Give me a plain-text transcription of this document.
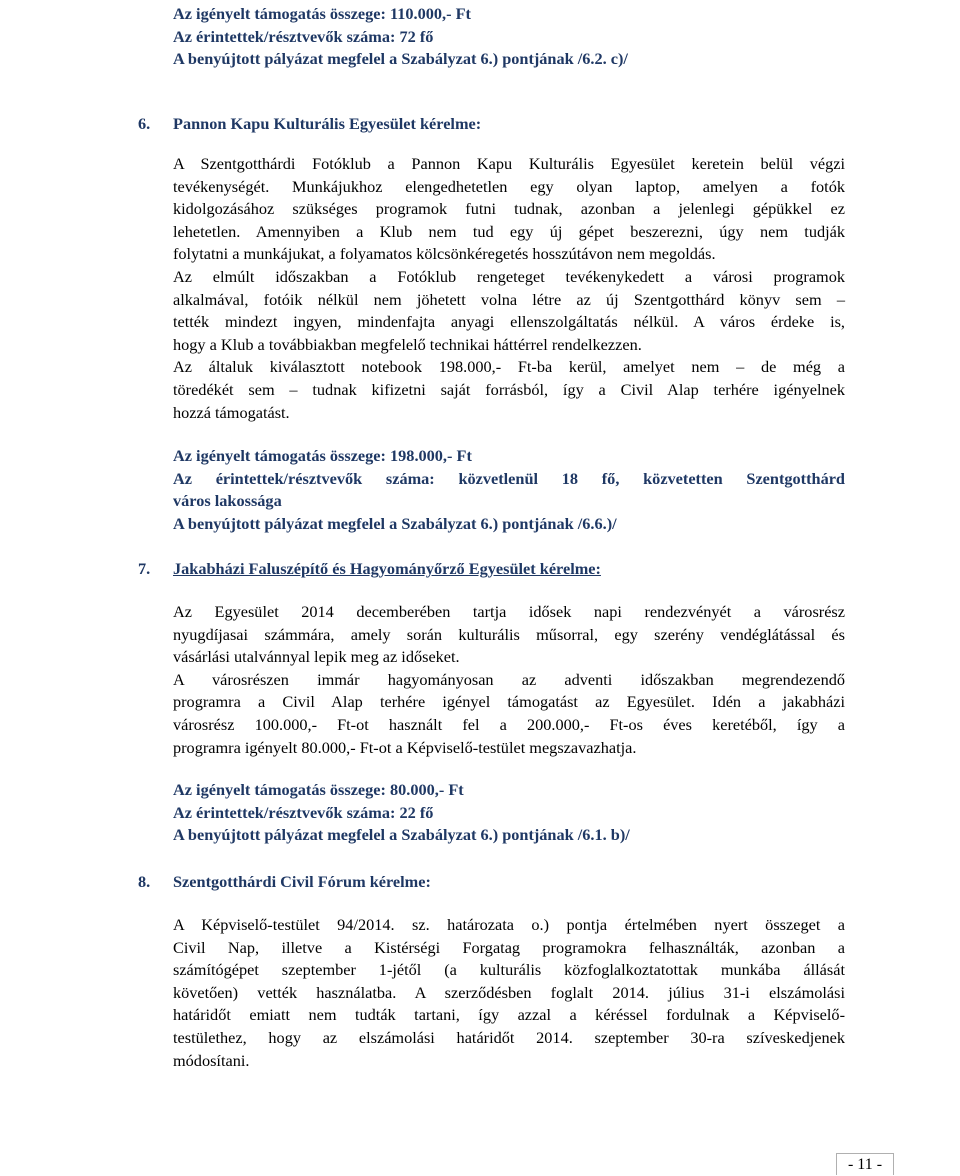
Az igényelt támogatás összege: 110.000,- Ft
Az érintettek/résztvevők száma: 72 fő
A benyújtott pályázat megfelel a Szabályzat 6.) pontjának /6.2. c)/
6. Pannon Kapu Kulturális Egyesület kérelme:
A Szentgotthárdi Fotóklub a Pannon Kapu Kulturális Egyesület keretein belül végzi
tevékenységét. Munkájukhoz elengedhetetlen egy olyan laptop, amelyen a fotók
kidolgozásához szükséges programok futni tudnak, azonban a jelenlegi gépükkel ez
lehetetlen. Amennyiben a Klub nem tud egy új gépet beszerezni, úgy nem tudják
folytatni a munkájukat, a folyamatos kölcsönkéregetés hosszútávon nem megoldás.
Az elmúlt időszakban a Fotóklub rengeteget tevékenykedett a városi programok
alkalmával, fotóik nélkül nem jöhetett volna létre az új Szentgotthárd könyv sem –
tették mindezt ingyen, mindenfajta anyagi ellenszolgáltatás nélkül. A város érdeke is,
hogy a Klub a továbbiakban megfelelő technikai háttérrel rendelkezzen.
Az általuk kiválasztott notebook 198.000,- Ft-ba kerül, amelyet nem – de még a
töredékét sem – tudnak kifizetni saját forrásból, így a Civil Alap terhére igényelnek
hozzá támogatást.
Az igényelt támogatás összege: 198.000,- Ft
Az érintettek/résztvevők száma: közvetlenül 18 fő, közvetetten Szentgotthárd
város lakossága
A benyújtott pályázat megfelel a Szabályzat 6.) pontjának /6.6.)/
7. Jakabházi Faluszépítő és Hagyományőrző Egyesület kérelme:
Az Egyesület 2014 decemberében tartja idősek napi rendezvényét a városrész
nyugdíjasai számmára, amely során kulturális műsorral, egy szerény vendéglátással és
vásárlási utalvánnyal lepik meg az időseket.
A városrészen immár hagyományosan az adventi időszakban megrendezendő
programra a Civil Alap terhére igényel támogatást az Egyesület. Idén a jakabházi
városrész 100.000,- Ft-ot használt fel a 200.000,- Ft-os éves keretéből, így a
programra igényelt 80.000,- Ft-ot a Képviselő-testület megszavazhatja.
Az igényelt támogatás összege: 80.000,- Ft
Az érintettek/résztvevők száma: 22 fő
A benyújtott pályázat megfelel a Szabályzat 6.) pontjának /6.1. b)/
8. Szentgotthárdi Civil Fórum kérelme:
A Képviselő-testület 94/2014. sz. határozata o.) pontja értelmében nyert összeget a
Civil Nap, illetve a Kistérségi Forgatag programokra felhasználták, azonban a
számítógépet szeptember 1-jétől (a kulturális közfoglalkoztatottak munkába állását
követően) vették használatba. A szerződésben foglalt 2014. július 31-i elszámolási
határidőt emiatt nem tudták tartani, így azzal a kéréssel fordulnak a Képviselő-
testülethez, hogy az elszámolási határidőt 2014. szeptember 30-ra szíveskedjenek
módosítani.
- 11 -
